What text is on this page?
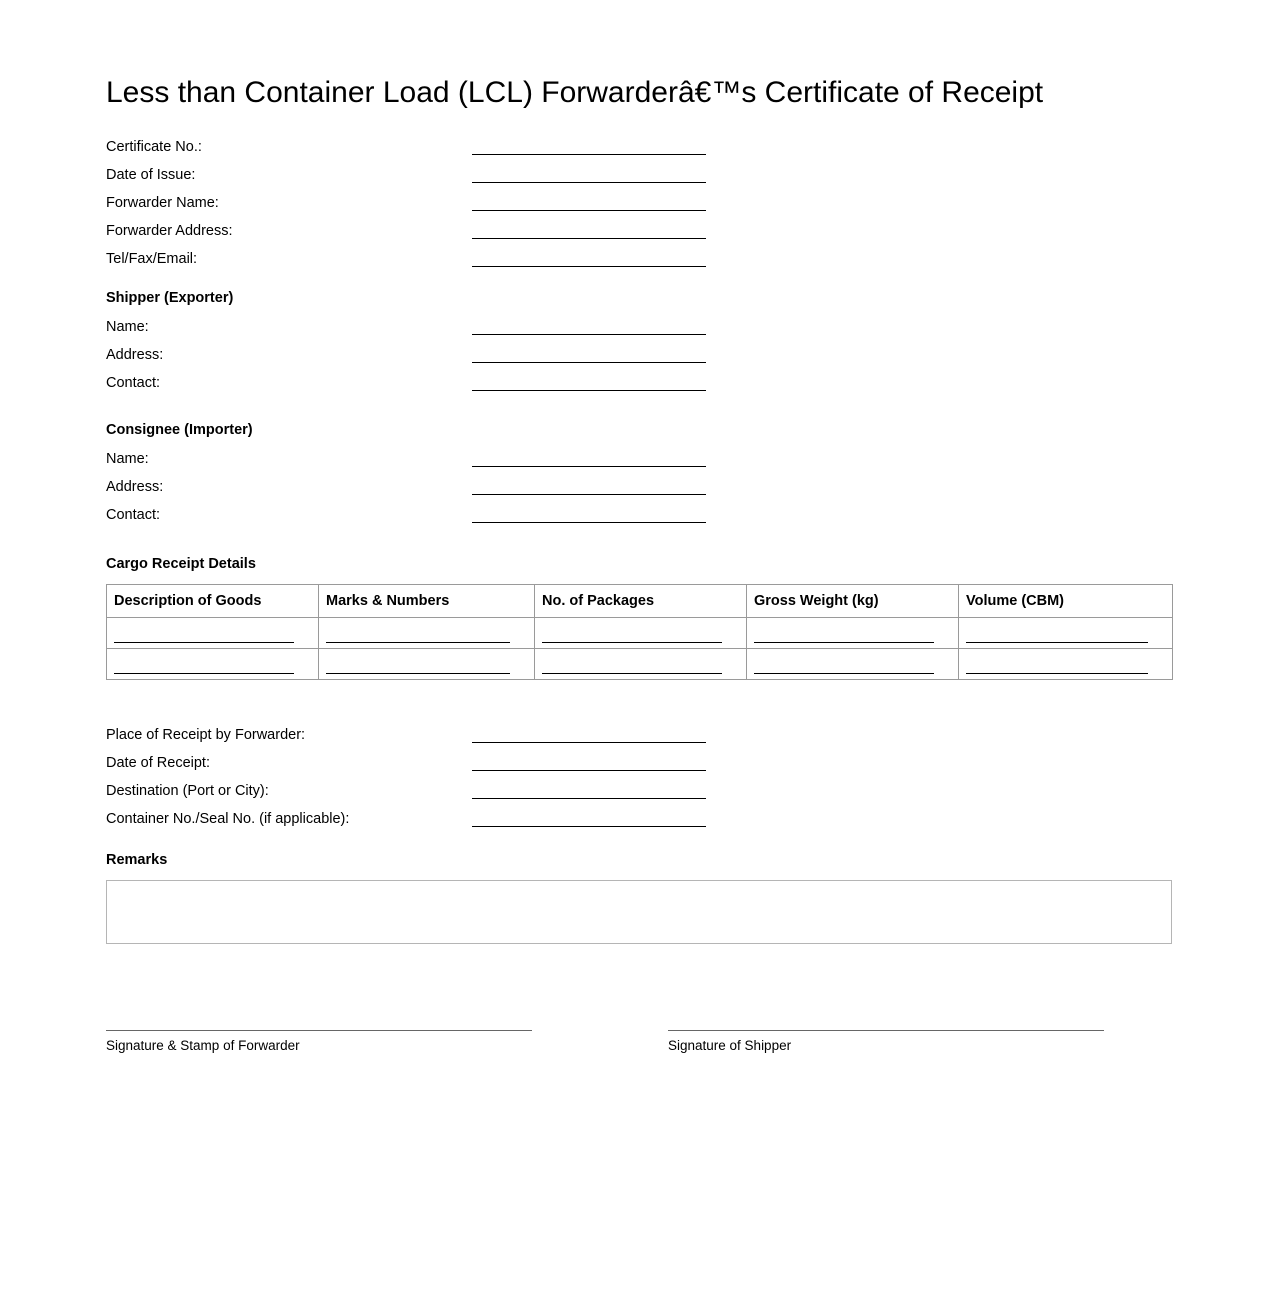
Less than Container Load (LCL) Forwarderâ€™s Certificate of Receipt
Certificate No.:
Date of Issue:
Forwarder Name:
Forwarder Address:
Tel/Fax/Email:
Shipper (Exporter)
Name:
Address:
Contact:
Consignee (Importer)
Name:
Address:
Contact:
Cargo Receipt Details
Description of Goods	Marks & Numbers	No. of Packages	Gross Weight (kg)	Volume (CBM)

Place of Receipt by Forwarder:
Date of Receipt:
Destination (Port or City):
Container No./Seal No. (if applicable):
Remarks
Signature & Stamp of Forwarder	Signature of Shipper
